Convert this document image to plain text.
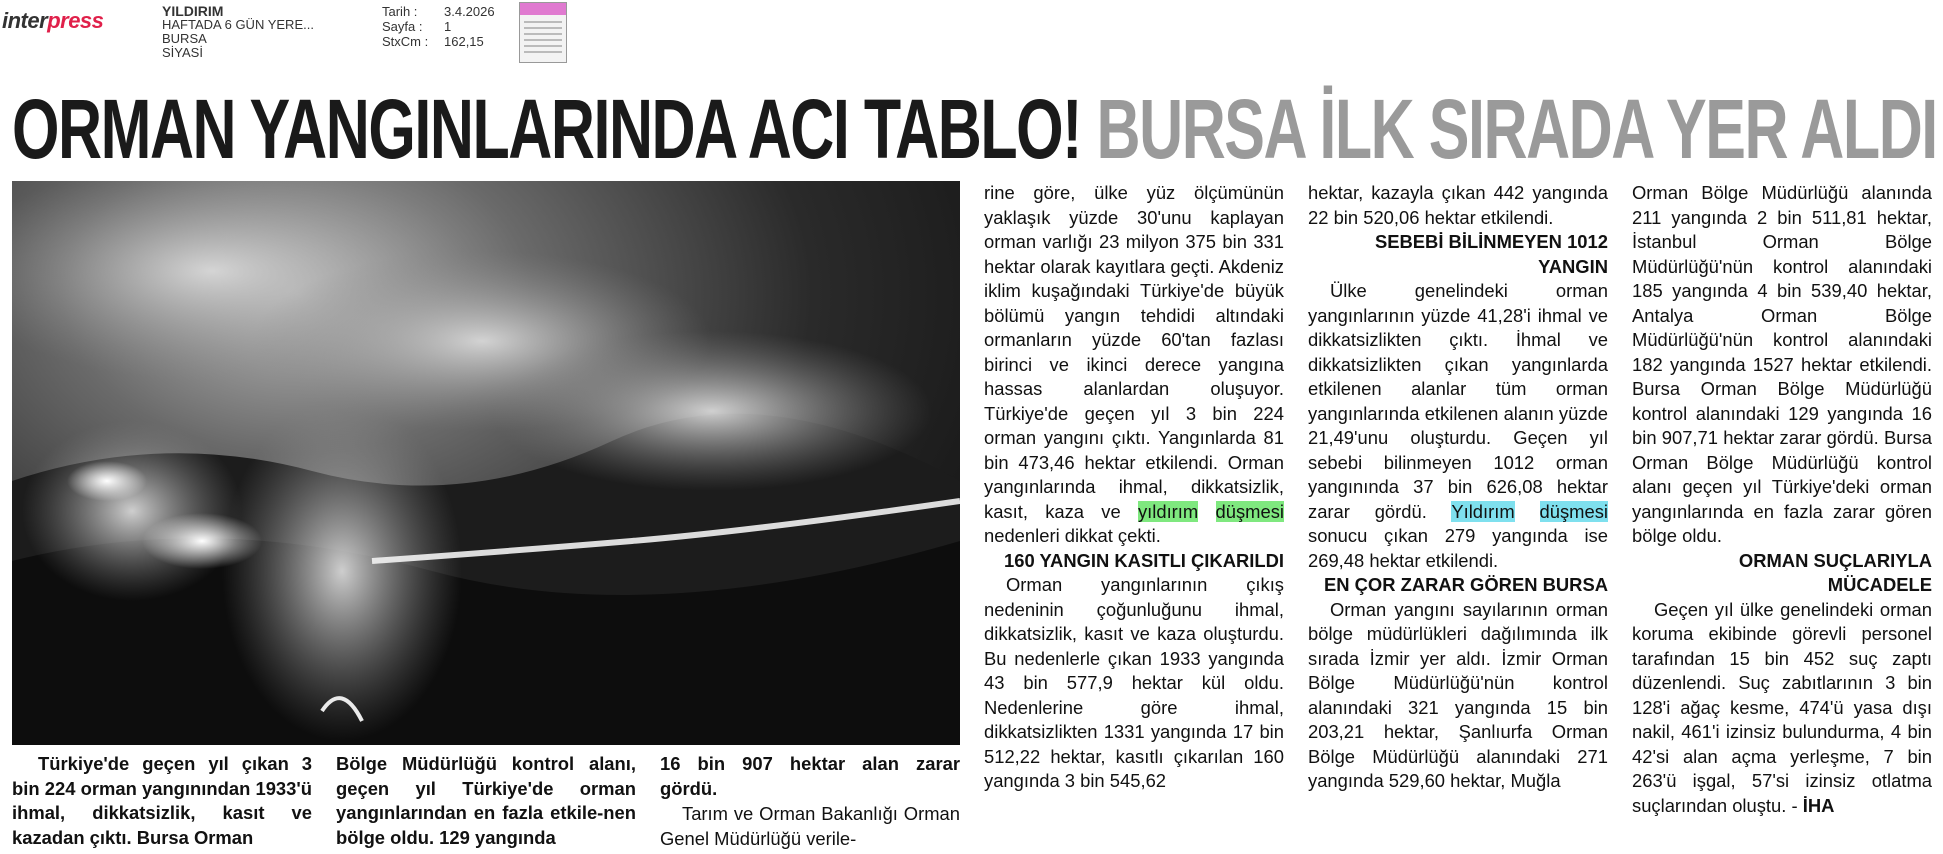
interpress	YILDIRIM
HAFTADA 6 GÜN YERE...
BURSA
SİYASİ
Tarih :	3.4.2026
Sayfa :	1
StxCm :	162,15
ORMAN YANGINLARINDA ACI TABLO! BURSA İLK SIRADA YER ALDI
Türkiye'de geçen yıl çıkan 3 bin 224 orman yangınından 1933'ü ihmal, dikkatsizlik, kasıt ve kazadan çıktı. Bursa Orman
Bölge Müdürlüğü kontrol alanı, geçen yıl Türkiye'de orman yangınlarından en fazla etkile-nen bölge oldu. 129 yangında
16 bin 907 hektar alan zarar gördü.

Tarım ve Orman Bakanlığı Orman Genel Müdürlüğü verile-

rine göre, ülke yüz ölçümünün yaklaşık yüzde 30'unu kaplayan orman varlığı 23 milyon 375 bin 331 hektar olarak kayıtlara geçti. Akdeniz iklim kuşağındaki Türkiye'de büyük bölümü yangın tehdidi altındaki ormanların yüzde 60'tan fazlası birinci ve ikinci derece yangına hassas alanlardan oluşuyor. Türkiye'de geçen yıl 3 bin 224 orman yangını çıktı. Yangınlarda 81 bin 473,46 hektar etkilendi. Orman yangınlarında ihmal, dikkatsizlik, kasıt, kaza ve yıldırım düşmesi nedenleri dikkat çekti.

160 YANGIN KASITLI ÇIKARILDI

Orman yangınlarının çıkış nedeninin çoğunluğunu ihmal, dikkatsizlik, kasıt ve kaza oluşturdu. Bu nedenlerle çıkan 1933 yangında 43 bin 577,9 hektar kül oldu. Nedenlerine göre ihmal, dikkatsizlikten 1331 yangında 17 bin 512,22 hektar, kasıtlı çıkarılan 160 yangında 3 bin 545,62

hektar, kazayla çıkan 442 yangında 22 bin 520,06 hektar etkilendi.

SEBEBİ BİLİNMEYEN 1012 YANGIN

Ülke genelindeki orman yangınlarının yüzde 41,28'i ihmal ve dikkatsizlikten çıktı. İhmal ve dikkatsizlikten çıkan yangınlarda etkilenen alanlar tüm orman yangınlarında etkilenen alanın yüzde 21,49'unu oluşturdu. Geçen yıl sebebi bilinmeyen 1012 orman yangınında 37 bin 626,08 hektar zarar gördü. Yıldırım düşmesi sonucu çıkan 279 yangında ise 269,48 hektar etkilendi.

EN ÇOR ZARAR GÖREN BURSA

Orman yangını sayılarının orman bölge müdürlükleri dağılımında ilk sırada İzmir yer aldı. İzmir Orman Bölge Müdürlüğü'nün kontrol alanındaki 321 yangında 15 bin 203,21 hektar, Şanlıurfa Orman Bölge Müdürlüğü alanındaki 271 yangında 529,60 hektar, Muğla

Orman Bölge Müdürlüğü alanında 211 yangında 2 bin 511,81 hektar, İstanbul Orman Bölge Müdürlüğü'nün kontrol alanındaki 185 yangında 4 bin 539,40 hektar, Antalya Orman Bölge Müdürlüğü'nün kontrol alanındaki 182 yangında 1527 hektar etkilendi. Bursa Orman Bölge Müdürlüğü kontrol alanındaki 129 yangında 16 bin 907,71 hektar zarar gördü. Bursa Orman Bölge Müdürlüğü kontrol alanı geçen yıl Türkiye'deki orman yangınlarında en fazla zarar gören bölge oldu.

ORMAN SUÇLARIYLA MÜCADELE

Geçen yıl ülke genelindeki orman koruma ekibinde görevli personel tarafından 15 bin 452 suç zaptı düzenlendi. Suç zabıtlarının 3 bin 128'i ağaç kesme, 474'ü yasa dışı nakil, 461'i izinsiz bulundurma, 4 bin 42'si alan açma yerleşme, 7 bin 263'ü işgal, 57'si izinsiz otlatma suçlarından oluştu. - İHA
